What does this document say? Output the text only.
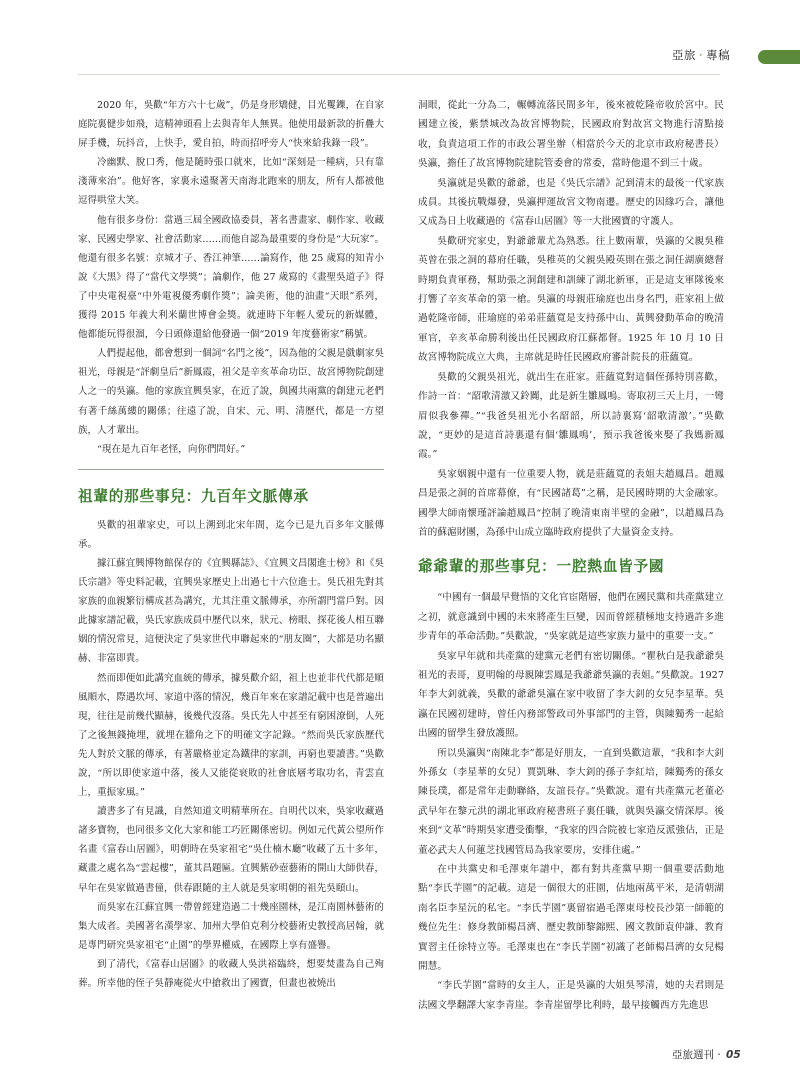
亞旅 · 專稿

2020 年，吳歡“年方六十七歲”，仍是身形矯健，目光矍鑠，在自家庭院裏健步如飛，這精神頭看上去與青年人無異。他使用最新款的折疊大屏手機，玩抖音，上快手，愛自拍，時而招呼旁人“快來給我錄一段”。

冷幽默、脫口秀，他是隨時張口就來，比如“深刻是一種病，只有靠淺薄來治”。他好客，家裏永遠聚著天南海北跑來的朋友，所有人都被他逗得哄堂大笑。

他有很多身份：當過三屆全國政協委員，著名書畫家、劇作家、收藏家、民國史學家、社會活動家……而他自認為最重要的身份是“大玩家”。他還有很多名號：京城才子、香江神筆……論寫作，他 25 歲寫的知青小說《大黑》得了“當代文學獎”；論劇作，他 27 歲寫的《畫聖吳道子》得了中央電視臺“中外電視優秀劇作獎”；論美術，他的油畫“天眼”系列，獲得 2015 年義大利米蘭世博會金獎。就連時下年輕人愛玩的新媒體，他都能玩得很溜，今日頭條還給他發過一個“2019 年度藝術家”稱號。

人們提起他，都會想到一個詞“名門之後”，因為他的父親是戲劇家吳祖光，母親是“評劇皇后”新鳳霞，祖父是辛亥革命功臣、故宮博物院創建人之一的吳瀛。他的家族宜興吳家，在近了說，與國共兩黨的創建元老們有著千絲萬縷的關係；往遠了說，自宋、元、明、清歷代，都是一方望族，人才輩出。

“現在是九百年老怪，向你們問好。”

祖輩的那些事兒：九百年文脈傳承

吳歡的祖輩家史，可以上溯到北宋年間，迄今已是九百多年文脈傳承。

據江蘇宜興博物館保存的《宜興縣誌》、《宜興文昌閣進士榜》和《吳氏宗譜》等史料記載，宜興吳家歷史上出過七十六位進士。吳氏祖先對其家族的血親繁衍構成甚為講究，尤其注重文脈傳承，亦所謂門當戶對。因此據家譜記載，吳氏家族成員中歷代以來，狀元、榜眼、探花後人相互聯姻的情況常見，這便決定了吳家世代申聯起來的“朋友圈”，大都是功名顯赫、非富即貴。

然而即便如此講究血統的傳承，據吳歡介紹，祖上也並非代代都是順風順水，際遇坎坷、家道中落的情況，幾百年來在家譜記載中也是普遍出現，往往是前幾代顯赫，後幾代沒落。吳氏先人中甚至有窮困潦倒，人死了之後無錢掩埋，就埋在牆角之下的明確文字記錄。“然而吳氏家族歷代先人對於文脈的傳承，有著嚴格並定為鐵律的家訓，再窮也要讀書。”吳歡說，“所以即使家道中落，後人又能從衰敗的社會底層考取功名，青雲直上，重振家風。”

讀書多了有見識，自然知道文明精華所在。自明代以來，吳家收藏過諸多寶物，也同很多文化大家和能工巧匠關係密切。例如元代黃公望所作名畫《富春山居圖》，明朝時在吳家祖宅“吳仕楠木廳”收藏了五十多年，藏畫之處名為“雲起樓”，董其昌題匾。宜興紫砂壺藝術的開山大師供春，早年在吳家做過書僮，供春跟隨的主人就是吳家明朝的祖先吳頤山。

而吳家在江蘇宜興一帶曾經建造過二十幾座園林，是江南園林藝術的集大成者。美國著名漢學家、加州大學伯克利分校藝術史教授高居翰，就是專門研究吳家祖宅“止園”的學界權威，在國際上享有盛譽。

到了清代，《富春山居圖》的收藏人吳洪裕臨終，想要焚畫為自己殉葬。所幸他的侄子吳靜庵從火中搶救出了國寶，但畫也被燒出

洞眼，從此一分為二，輾轉流落民間多年，後來被乾隆帝收於宮中。民國建立後，紫禁城改為故宮博物院，民國政府對故宮文物進行清點接收，負責這項工作的市政公署坐辦（相當於今天的北京市政府秘書長）吳瀛，擔任了故宮博物院建院管委會的常委，當時他還不到三十歲。

吳瀛就是吳歡的爺爺，也是《吳氏宗譜》記到清末的最後一代家族成員。其後抗戰爆發，吳瀛押運故宮文物南遷。歷史的因緣巧合，讓他又成為日上收藏過的《富春山居圖》等一大批國寶的守護人。

吳歡研究家史，對爺爺輩尤為熟悉。往上數兩輩，吳瀛的父親吳稚英曾在張之洞的幕府任職，吳稚英的父親吳殿英則在張之洞任湖廣總督時期負責軍務，幫助張之洞創建和訓練了湖北新軍，正是這支軍隊後來打響了辛亥革命的第一槍。吳瀛的母親莊瑜庭也出身名門，莊家祖上做過乾隆帝師，莊瑜庭的弟弟莊蘊寬是支持孫中山、黃興發動革命的晚清軍官，辛亥革命勝利後出任民國政府江蘇都督。1925 年 10 月 10 日故宮博物院成立大典，主席就是時任民國政府審計院長的莊蘊寬。

吳歡的父親吳祖光，就出生在莊家。莊蘊寬對這個侄孫特別喜歡，作詩一首：“韶歌清激又鈴闐，此是新生雛鳳鳴。寄取初三天上月，一彎眉似我參禪。”“我爸吳祖光小名韶韶，所以詩裏寫‘韶歌清激’。”吳歡說，“更妙的是這首詩裏還有個‘雛鳳鳴’，預示我爸後來娶了我媽新鳳霞。”

吳家姻親中還有一位重要人物，就是莊蘊寬的表姐夫趙鳳昌。趙鳳昌是張之洞的首席幕僚，有“民國諸葛”之稱，是民國時期的大金融家。國學大師南懷瑾評論趙鳳昌“控制了晚清東南半壁的金融”，以趙鳳昌為首的蘇滬財團，為孫中山成立臨時政府提供了大量資金支持。

爺爺輩的那些事兒：一腔熱血皆予國

“中國有一個最早覺悟的文化官宦階層，他們在國民黨和共產黨建立之初，就意識到中國的未來將產生巨變，因而曾經積極地支持過許多進步青年的革命活動。”吳歡說，“吳家就是這些家族力量中的重要一支。”

吳家早年就和共產黨的建黨元老們有密切關係。“瞿秋白是我爺爺吳祖光的表哥，夏明翰的母親陳雲鳳是我爺爺吳瀛的表姐。”吳歡說。1927 年李大釗就義，吳歡的爺爺吳瀛在家中收留了李大釗的女兒李星華。吳瀛在民國初建時，曾任內務部警政司外事部門的主管，與陳獨秀一起給出國的留學生發放護照。

所以吳瀛與“南陳北李”都是好朋友，一直到吳歡這輩，“我和李大釗外孫女（李星華的女兒）賈凱琳、李大釗的孫子李紅培，陳獨秀的孫女陳長璞，都是常年走動聯絡，友誼長存。”吳歡說。還有共產黨元老董必武早年在黎元洪的湖北軍政府秘書班子裏任職，就與吳瀛交情深厚。後來到“文革”時期吳家遭受衝擊，“我家的四合院被七家造反派強佔，正是董必武夫人何蓮芝找國管局為我家要房，安排住處。”

在中共黨史和毛澤東年譜中，都有對共產黨早期一個重要活動地點“李氏芋園”的記載。這是一個很大的莊園，佔地兩萬平米，是清朝湖南名臣李星沅的私宅。“李氏芋園”裏留宿過毛澤東母校長沙第一師範的幾位先生：修身教師楊昌濟、歷史教師黎錦熙、國文教師袁仲謙、教育實習主任徐特立等。毛澤東也在“李氏芋園”初識了老師楊昌濟的女兒楊開慧。

“李氏芋園”當時的女主人，正是吳瀛的大姐吳琴清，她的夫君則是法國文學翻譯大家李青崖。李青崖留學比利時，最早接觸西方先進思

亞旅週刊 · 05
